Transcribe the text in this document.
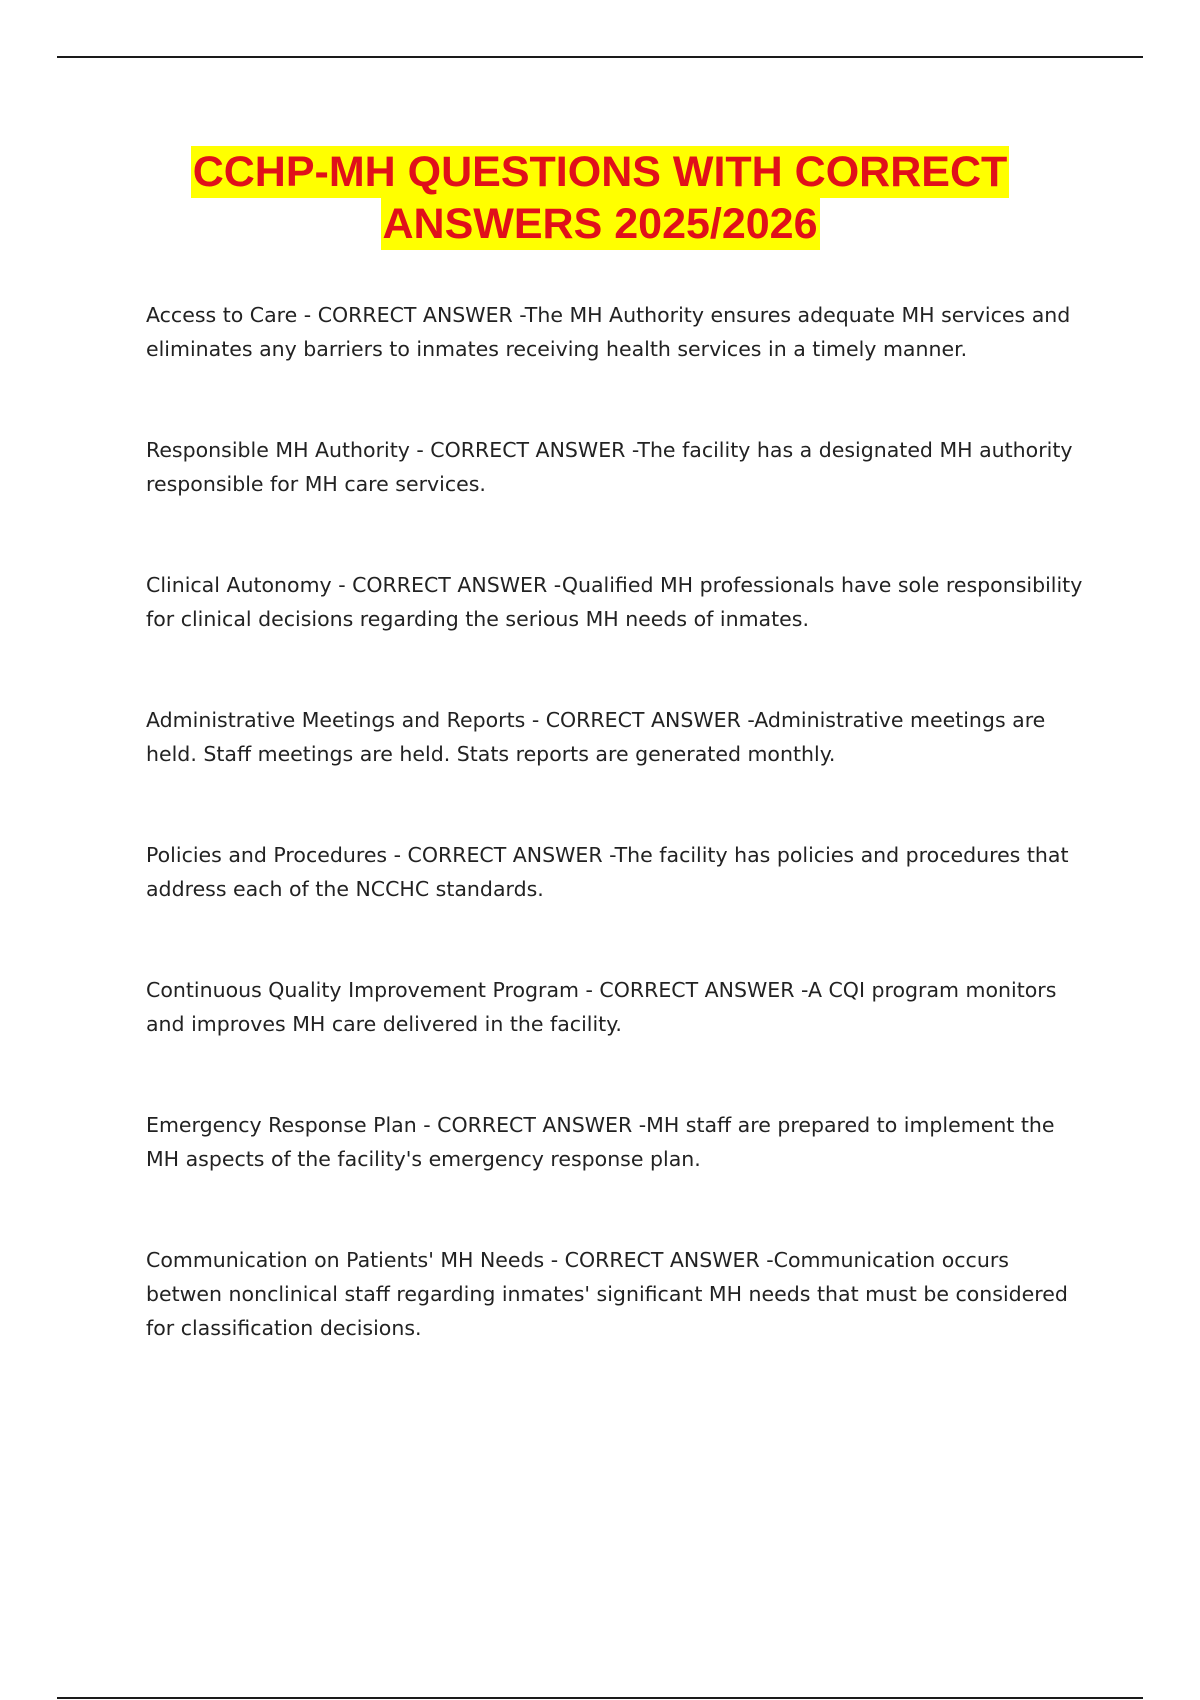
CCHP-MH QUESTIONS WITH CORRECT
ANSWERS 2025/2026

Access to Care - CORRECT ANSWER -The MH Authority ensures adequate MH services and eliminates any barriers to inmates receiving health services in a timely manner.

Responsible MH Authority - CORRECT ANSWER -The facility has a designated MH authority responsible for MH care services.

Clinical Autonomy - CORRECT ANSWER -Qualified MH professionals have sole responsibility for clinical decisions regarding the serious MH needs of inmates.

Administrative Meetings and Reports - CORRECT ANSWER -Administrative meetings are held. Staff meetings are held. Stats reports are generated monthly.

Policies and Procedures - CORRECT ANSWER -The facility has policies and procedures that address each of the NCCHC standards.

Continuous Quality Improvement Program - CORRECT ANSWER -A CQI program monitors and improves MH care delivered in the facility.

Emergency Response Plan - CORRECT ANSWER -MH staff are prepared to implement the MH aspects of the facility's emergency response plan.

Communication on Patients' MH Needs - CORRECT ANSWER -Communication occurs betwen nonclinical staff regarding inmates' significant MH needs that must be considered for classification decisions.
